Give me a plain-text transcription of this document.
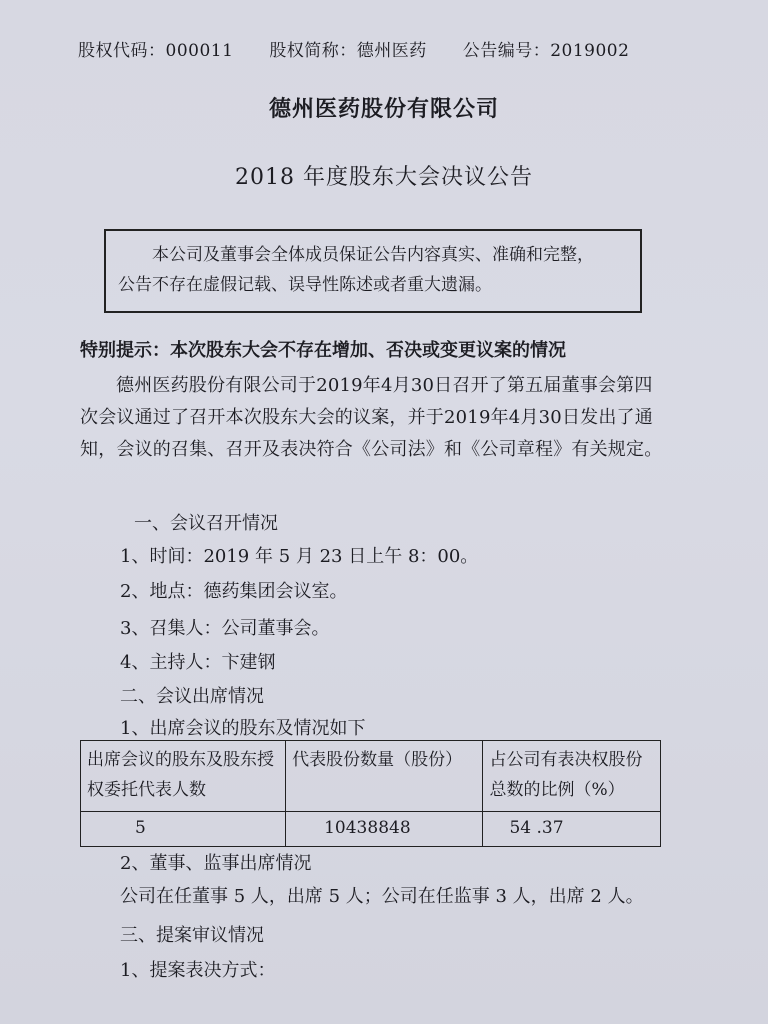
股权代码：000011 股权简称：德州医药 公告编号：2019002
德州医药股份有限公司
2018 年度股东大会决议公告
本公司及董事会全体成员保证公告内容真实、准确和完整，
公告不存在虚假记载、误导性陈述或者重大遗漏。
特别提示：本次股东大会不存在增加、否决或变更议案的情况
德州医药股份有限公司于2019年4月30日召开了第五届董事会第四次会议通过了召开本次股东大会的议案，并于2019年4月30日发出了通知，会议的召集、召开及表决符合《公司法》和《公司章程》有关规定。
一、会议召开情况
1、时间：2019 年 5 月 23 日上午 8：00。
2、地点：德药集团会议室。
3、召集人：公司董事会。
4、主持人：卞建钢
二、会议出席情况
1、出席会议的股东及情况如下
出席会议的股东及股东授权委托代表人数	代表股份数量（股份）	占公司有表决权股份总数的比例（%）
5	10438848	54 .37
2、董事、监事出席情况
公司在任董事 5 人，出席 5 人；公司在任监事 3 人，出席 2 人。
三、提案审议情况
1、提案表决方式：
